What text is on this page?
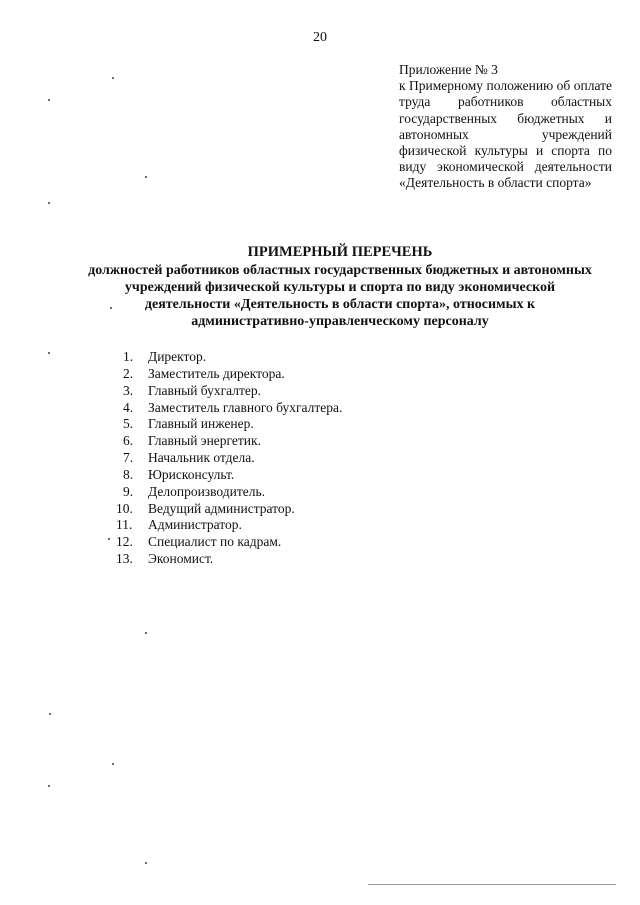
20
Приложение № 3
к Примерному положению об оплате труда работников областных государственных бюджетных и автономных учреждений физической культуры и спорта по виду экономической деятельности «Деятельность в области спорта»
ПРИМЕРНЫЙ ПЕРЕЧЕНЬ
должностей работников областных государственных бюджетных и автономных
учреждений физической культуры и спорта по виду экономической
деятельности «Деятельность в области спорта», относимых к
административно-управленческому персоналу
1.	Директор.
2.	Заместитель директора.
3.	Главный бухгалтер.
4.	Заместитель главного бухгалтера.
5.	Главный инженер.
6.	Главный энергетик.
7.	Начальник отдела.
8.	Юрисконсульт.
9.	Делопроизводитель.
10.	Ведущий администратор.
11.	Администратор.
12.	Специалист по кадрам.
13.	Экономист.
